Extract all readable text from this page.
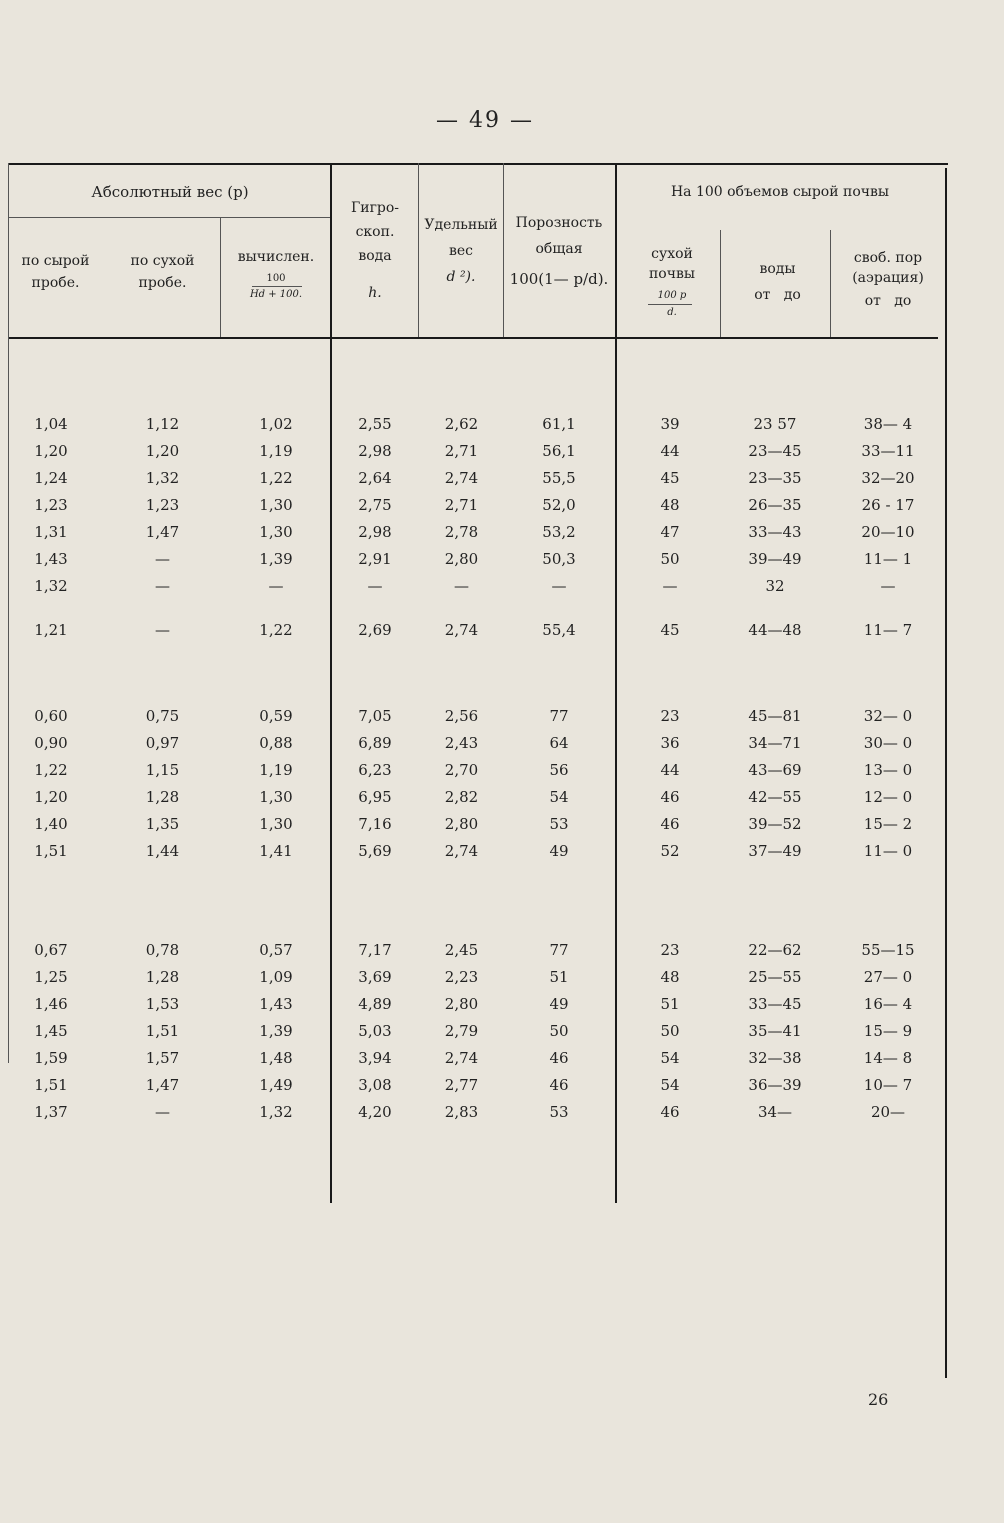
— 49 —
Абсолютный вес (p)
по сырой пробе.
по сухой пробе.
вычислен.
100
Hd + 100.
Гигро-скоп. вода
h.
Удельный вес
d ²).
Порозность общая
100(1— p/d).
На 100 объемов сырой почвы
сухой почвы
100 p
d.
воды
от   до
своб. пор (аэрация)
от   до
1,04	1,12	1,02	2,55	2,62	61,1	39	23 57	38— 4
1,20	1,20	1,19	2,98	2,71	56,1	44	23—45	33—11
1,24	1,32	1,22	2,64	2,74	55,5	45	23—35	32—20
1,23	1,23	1,30	2,75	2,71	52,0	48	26—35	26 - 17
1,31	1,47	1,30	2,98	2,78	53,2	47	33—43	20—10
1,43	—	1,39	2,91	2,80	50,3	50	39—49	11— 1
1,32	—	—	—	—	—	—	32	—
1,21	—	1,22	2,69	2,74	55,4	45	44—48	11— 7
0,60	0,75	0,59	7,05	2,56	77	23	45—81	32— 0
0,90	0,97	0,88	6,89	2,43	64	36	34—71	30— 0
1,22	1,15	1,19	6,23	2,70	56	44	43—69	13— 0
1,20	1,28	1,30	6,95	2,82	54	46	42—55	12— 0
1,40	1,35	1,30	7,16	2,80	53	46	39—52	15— 2
1,51	1,44	1,41	5,69	2,74	49	52	37—49	11— 0
0,67	0,78	0,57	7,17	2,45	77	23	22—62	55—15
1,25	1,28	1,09	3,69	2,23	51	48	25—55	27— 0
1,46	1,53	1,43	4,89	2,80	49	51	33—45	16— 4
1,45	1,51	1,39	5,03	2,79	50	50	35—41	15— 9
1,59	1,57	1,48	3,94	2,74	46	54	32—38	14— 8
1,51	1,47	1,49	3,08	2,77	46	54	36—39	10— 7
1,37	—	1,32	4,20	2,83	53	46	34—	20—
26
